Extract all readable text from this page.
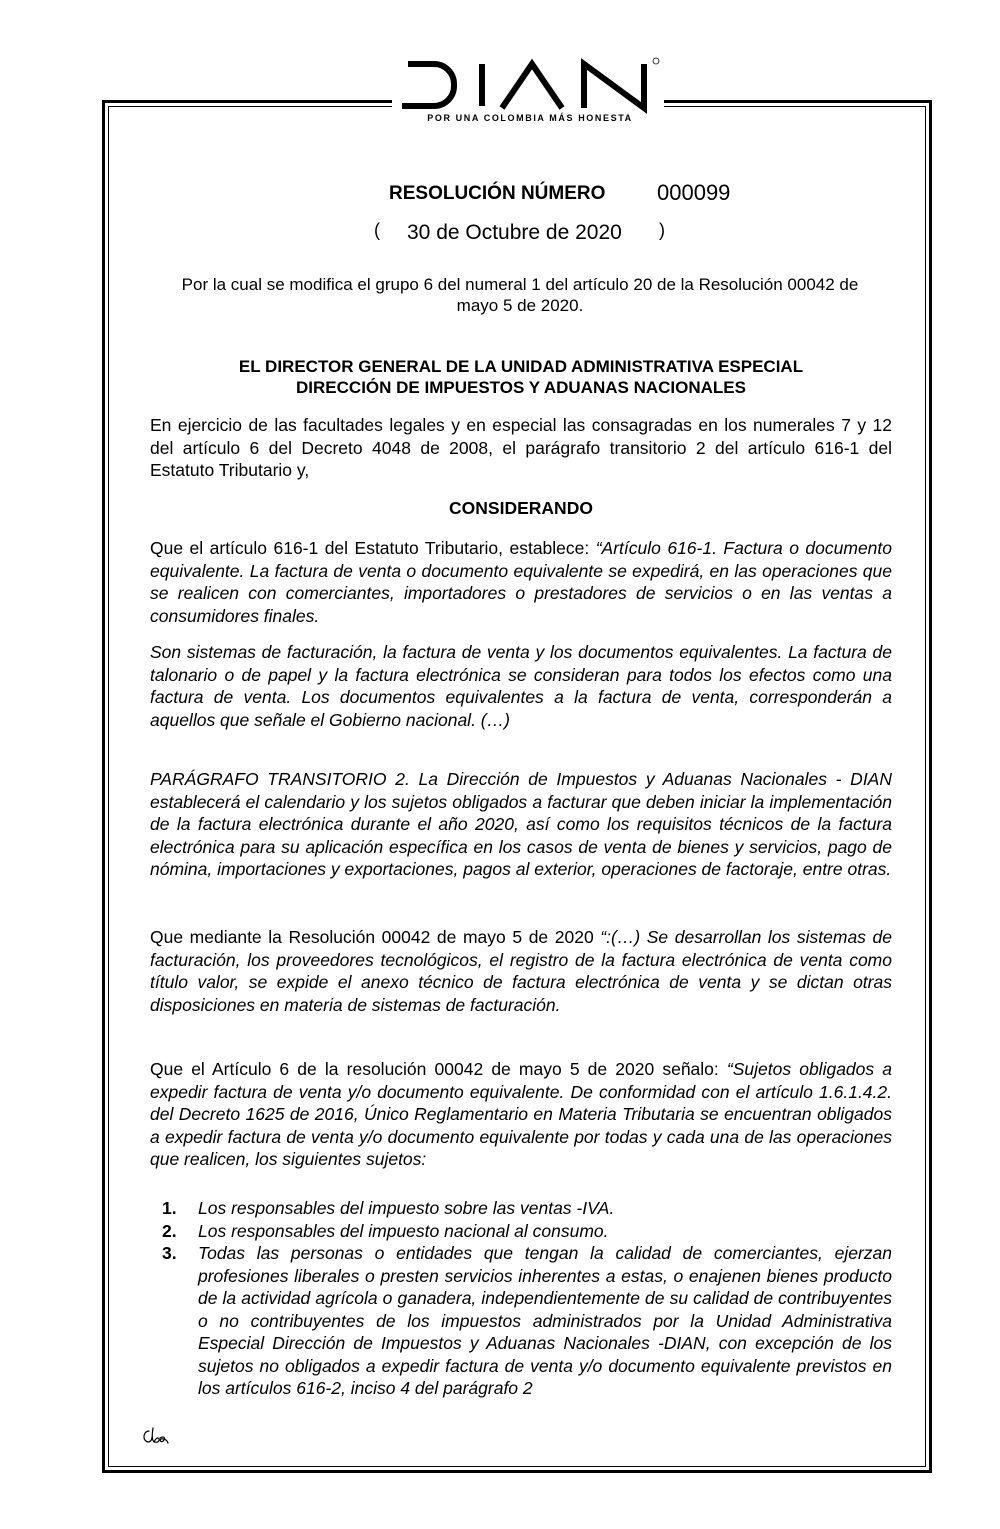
POR UNA COLOMBIA MÁS HONESTA
RESOLUCIÓN NÚMERO 000099
( 30 de Octubre de 2020 )
Por la cual se modifica el grupo 6 del numeral 1 del artículo 20 de la Resolución 00042 de mayo 5 de 2020.
EL DIRECTOR GENERAL DE LA UNIDAD ADMINISTRATIVA ESPECIAL
DIRECCIÓN DE IMPUESTOS Y ADUANAS NACIONALES
En ejercicio de las facultades legales y en especial las consagradas en los numerales 7 y 12 del artículo 6 del Decreto 4048 de 2008, el parágrafo transitorio 2 del artículo 616-1 del Estatuto Tributario y,
CONSIDERANDO
Que el artículo 616-1 del Estatuto Tributario, establece: “Artículo 616-1. Factura o documento equivalente. La factura de venta o documento equivalente se expedirá, en las operaciones que se realicen con comerciantes, importadores o prestadores de servicios o en las ventas a consumidores finales.
Son sistemas de facturación, la factura de venta y los documentos equivalentes. La factura de talonario o de papel y la factura electrónica se consideran para todos los efectos como una factura de venta. Los documentos equivalentes a la factura de venta, corresponderán a aquellos que señale el Gobierno nacional. (…)
PARÁGRAFO TRANSITORIO 2. La Dirección de Impuestos y Aduanas Nacionales - DIAN establecerá el calendario y los sujetos obligados a facturar que deben iniciar la implementación de la factura electrónica durante el año 2020, así como los requisitos técnicos de la factura electrónica para su aplicación específica en los casos de venta de bienes y servicios, pago de nómina, importaciones y exportaciones, pagos al exterior, operaciones de factoraje, entre otras.
Que mediante la Resolución 00042 de mayo 5 de 2020 “:(…) Se desarrollan los sistemas de facturación, los proveedores tecnológicos, el registro de la factura electrónica de venta como título valor, se expide el anexo técnico de factura electrónica de venta y se dictan otras disposiciones en materia de sistemas de facturación.
Que el Artículo 6 de la resolución 00042 de mayo 5 de 2020 señalo: “Sujetos obligados a expedir factura de venta y/o documento equivalente. De conformidad con el artículo 1.6.1.4.2. del Decreto 1625 de 2016, Único Reglamentario en Materia Tributaria se encuentran obligados a expedir factura de venta y/o documento equivalente por todas y cada una de las operaciones que realicen, los siguientes sujetos:
1.	Los responsables del impuesto sobre las ventas -IVA.
2.	Los responsables del impuesto nacional al consumo.
3.	Todas las personas o entidades que tengan la calidad de comerciantes, ejerzan profesiones liberales o presten servicios inherentes a estas, o enajenen bienes producto de la actividad agrícola o ganadera, independientemente de su calidad de contribuyentes o no contribuyentes de los impuestos administrados por la Unidad Administrativa Especial Dirección de Impuestos y Aduanas Nacionales -DIAN, con excepción de los sujetos no obligados a expedir factura de venta y/o documento equivalente previstos en los artículos 616-2, inciso 4 del parágrafo 2
